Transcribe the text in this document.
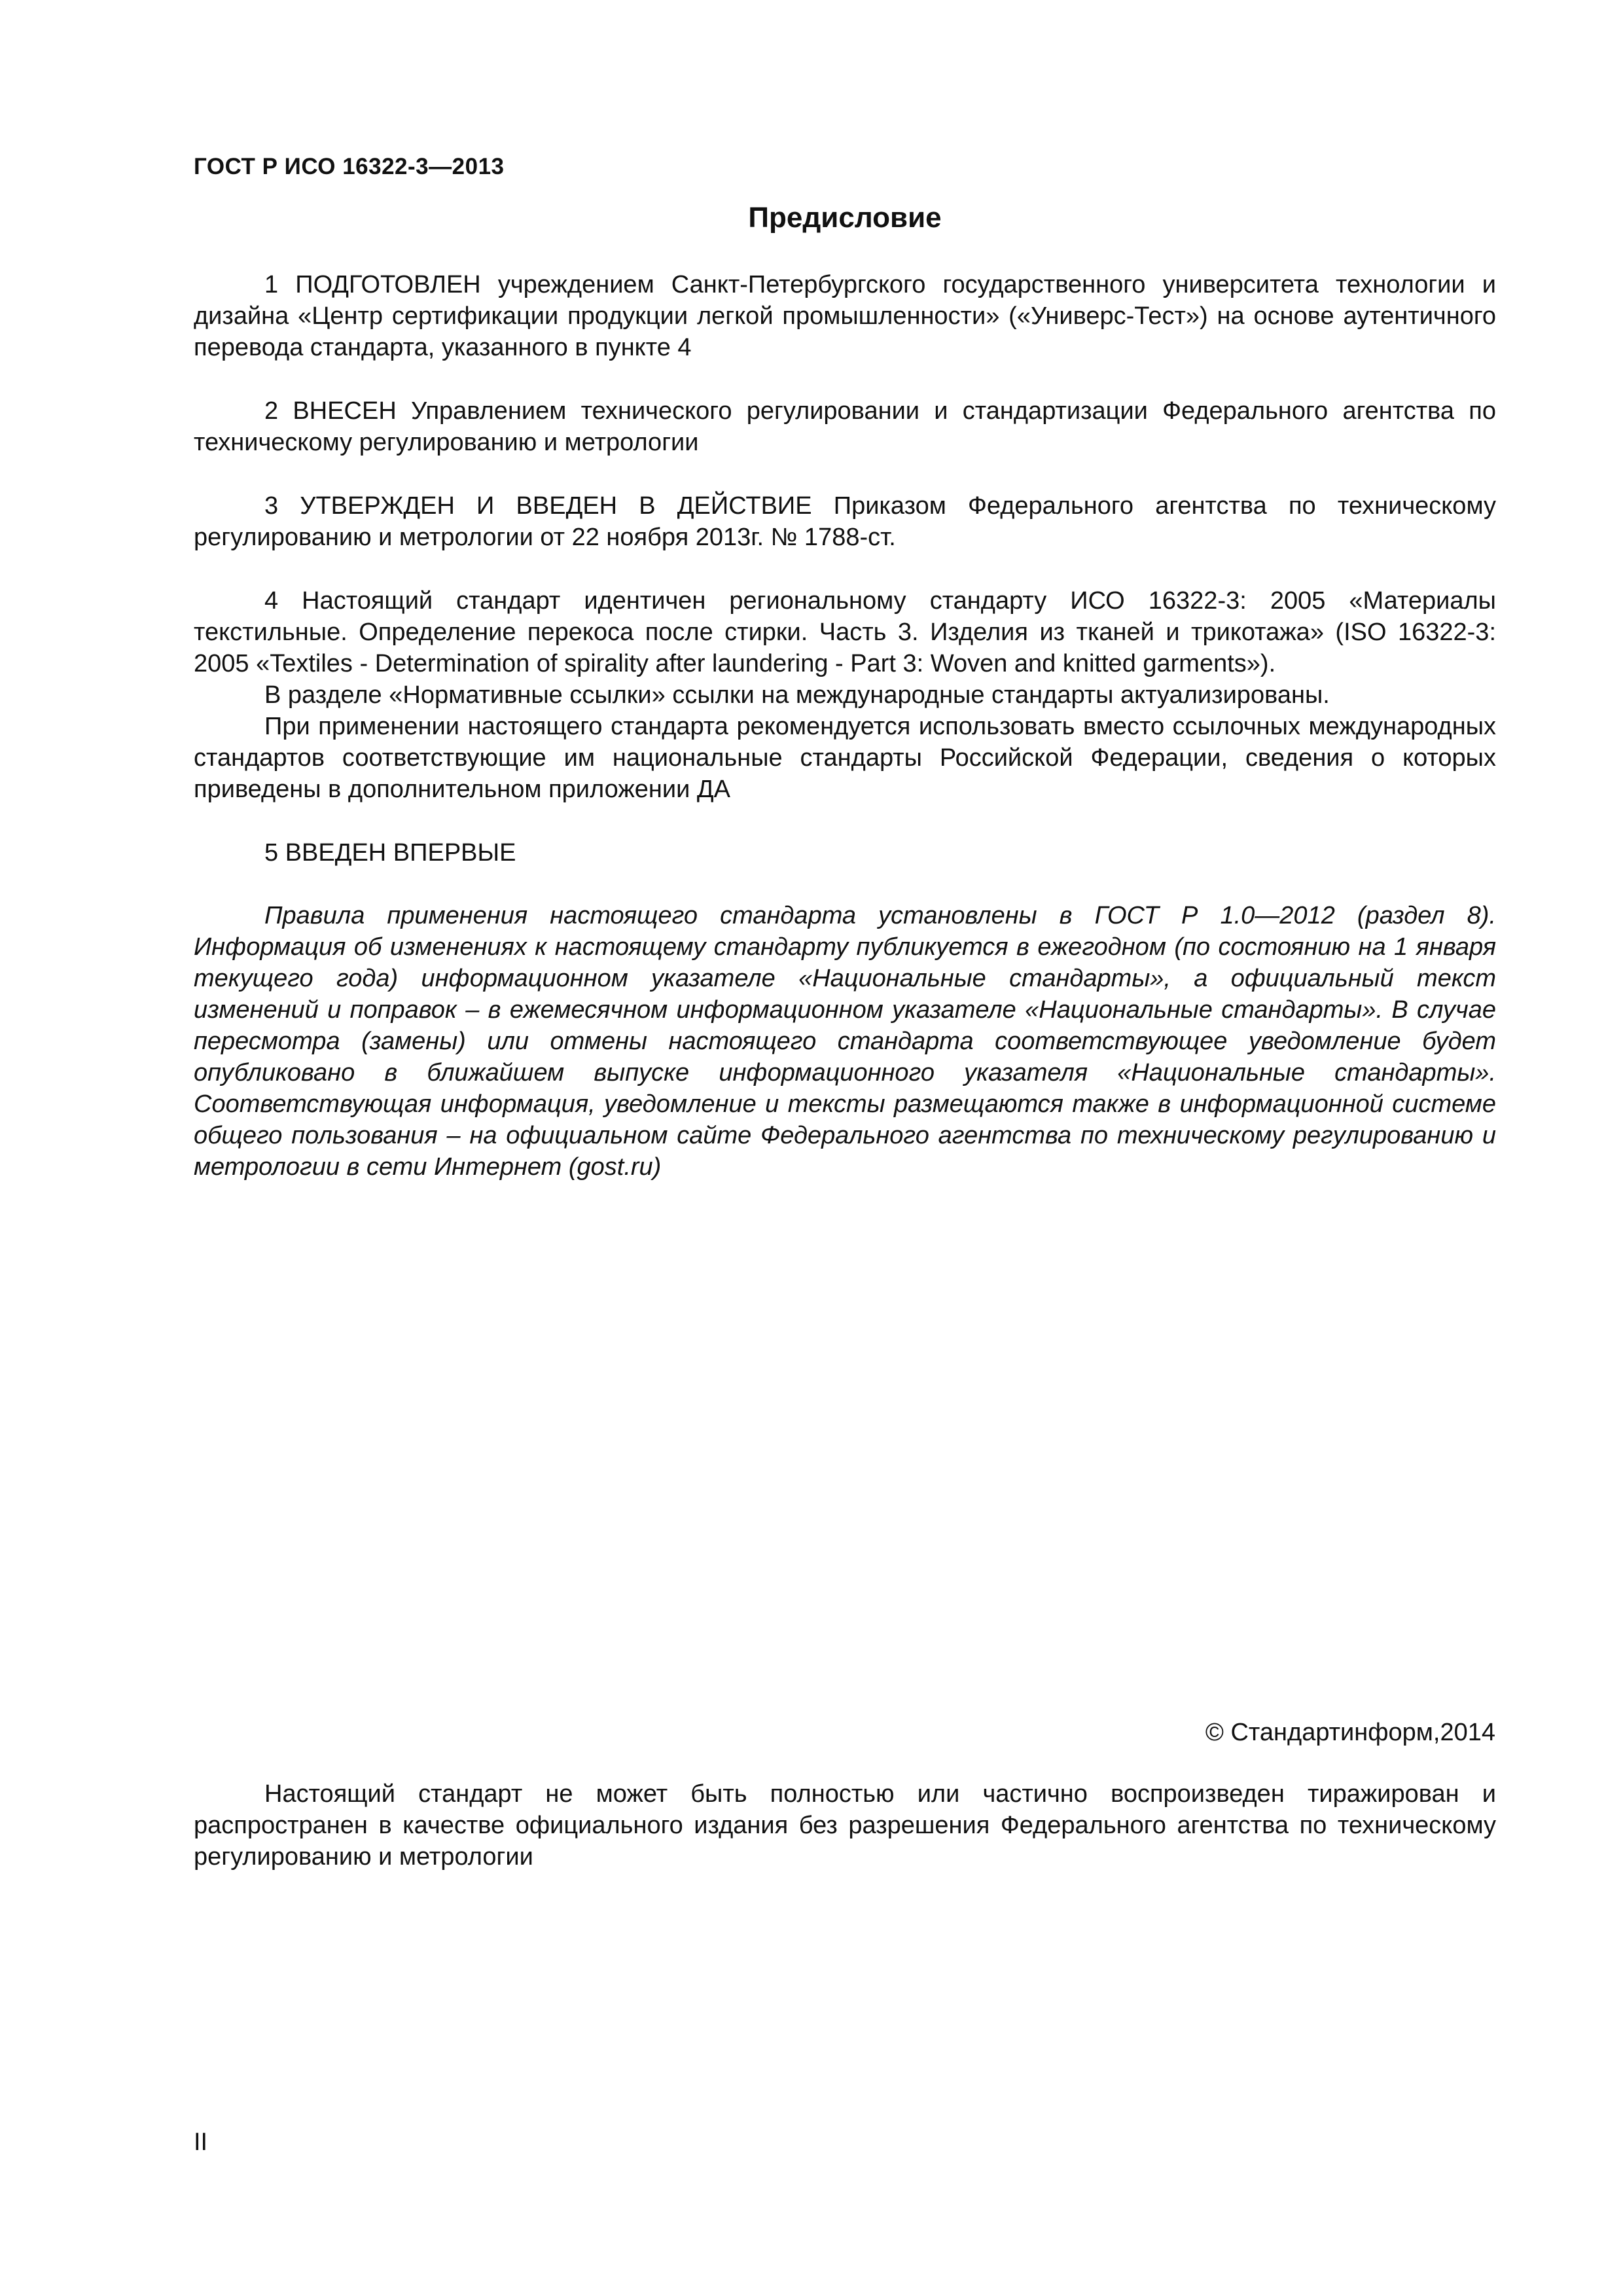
ГОСТ Р ИСО 16322-3—2013
Предисловие

1 ПОДГОТОВЛЕН учреждением Санкт-Петербургского государственного университета технологии и дизайна «Центр сертификации продукции легкой промышленности» («Универс-Тест») на основе аутентичного перевода стандарта, указанного в пункте 4

2 ВНЕСЕН Управлением технического регулировании и стандартизации Федерального агентства по техническому регулированию и метрологии

3 УТВЕРЖДЕН И ВВЕДЕН В ДЕЙСТВИЕ Приказом Федерального агентства по техническому регулированию и метрологии от 22 ноября 2013г. № 1788-ст.

4 Настоящий стандарт идентичен региональному стандарту ИСО 16322-3: 2005 «Материалы текстильные. Определение перекоса после стирки. Часть 3. Изделия из тканей и трикотажа» (ISO 16322-3: 2005 «Textiles - Determination of spirality after laundering - Part 3: Woven and knitted garments»).

В разделе «Нормативные ссылки» ссылки на международные стандарты актуализированы.

При применении настоящего стандарта рекомендуется использовать вместо ссылочных международных стандартов соответствующие им национальные стандарты Российской Федерации, сведения о которых приведены в дополнительном приложении ДА

5 ВВЕДЕН ВПЕРВЫЕ

Правила применения настоящего стандарта установлены в ГОСТ Р 1.0—2012 (раздел 8). Информация об изменениях к настоящему стандарту публикуется в ежегодном (по состоянию на 1 января текущего года) информационном указателе «Национальные стандарты», а официальный текст изменений и поправок – в ежемесячном информационном указателе «Национальные стандарты». В случае пересмотра (замены) или отмены настоящего стандарта соответствующее уведомление будет опубликовано в ближайшем выпуске информационного указателя «Национальные стандарты». Соответствующая информация, уведомление и тексты размещаются также в информационной системе общего пользования – на официальном сайте Федерального агентства по техническому регулированию и метрологии в сети Интернет (gost.ru)

© Стандартинформ,2014

Настоящий стандарт не может быть полностью или частично воспроизведен тиражирован и распространен в качестве официального издания без разрешения Федерального агентства по техническому регулированию и метрологии

II
